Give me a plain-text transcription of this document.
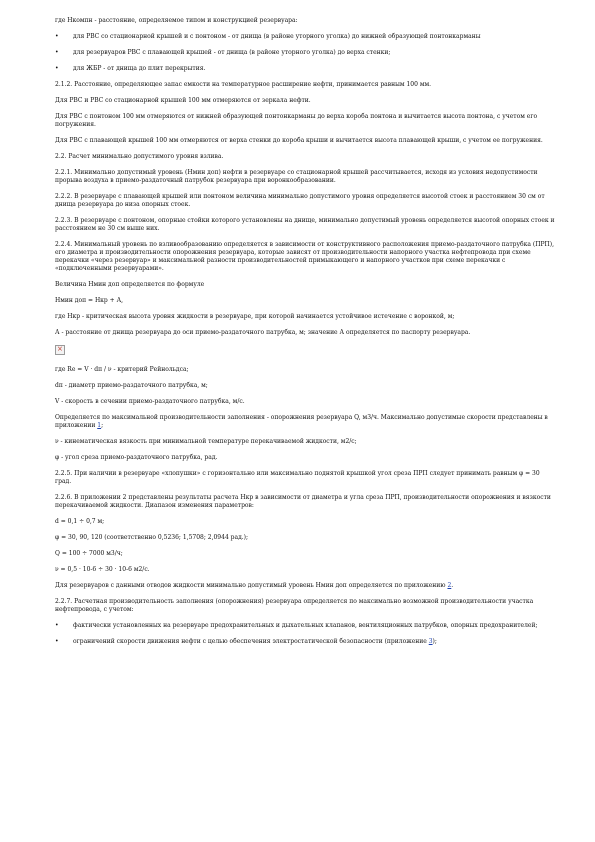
где Нкомпн - расстояние, определяемое типом и конструкцией резервуара:

• для РВС со стационарной крышей и с понтоном - от днища (в районе уторного уголка) до нижней образующей понтонкарманы
• для резервуаров РВС с плавающей крышей - от днища (в районе уторного уголка) до верха стенки;
• для ЖБР - от днища до плит перекрытия.

2.1.2. Расстояние, определяющее запас емкости на температурное расширение нефти, принимается равным 100 мм.

Для РВС и РВС со стационарной крышей 100 мм отмеряются от зеркала нефти.

Для РВС с понтоном 100 мм отмеряются от нижней образующей понтонкарманы до верха короба понтона и вычитается высота понтона, с учетом его погружения.

Для РВС с плавающей крышей 100 мм отмеряются от верха стенки до короба крыши и вычитается высота плавающей крыши, с учетом ее погружения.

2.2. Расчет минимально допустимого уровня взлива.

2.2.1. Минимально допустимый уровень (Нмин доп) нефти в резервуаре со стационарной крышей рассчитывается, исходя из условия недопустимости прорыва воздуха в приемо-раздаточный патрубок резервуара при воронкообразовании.

2.2.2. В резервуаре с плавающей крышей или понтоном величина минимально допустимого уровня определяется высотой стоек и расстоянием 30 см от днища резервуара до низа опорных стоек.

2.2.3. В резервуаре с понтоном, опорные стойки которого установлены на днище, минимально допустимый уровень определяется высотой опорных стоек и расстоянием не 30 см выше них.

2.2.4. Минимальный уровень по взливообразованию определяется в зависимости от конструктивного расположения приемо-раздаточного патрубка (ПРП), его диаметра и производительности опорожнения резервуара, которые зависят от производительности напорного участка нефтепровода при схеме перекачки «через резервуар» и максимальной разности производительностей примыкающего и напорного участков при схеме перекачки с «подключенными резервуарами».

Величина Нмин доп определяется по формуле

Нмин доп = Нкр + А,

где Нкр - критическая высота уровня жидкости в резервуаре, при которой начинается устойчивое истечение с воронкой, м;

А - расстояние от днища резервуара до оси приемо-раздаточного патрубка, м; значение А определяется по паспорту резервуара.

×

где Re = V · dп / ν - критерий Рейнольдса;

dп - диаметр приемо-раздаточного патрубка, м;

V - скорость в сечении приемо-раздаточного патрубка, м/с.

Определяется по максимальной производительности заполнения - опорожнения резервуара Q, м3/ч. Максимально допустимые скорости представлены в приложении 1;

ν - кинематическая вязкость при минимальной температуре перекачиваемой жидкости, м2/с;

φ - угол среза приемо-раздаточного патрубка, рад.

2.2.5. При наличии в резервуаре «хлопушки» с горизонтально или максимально поднятой крышкой угол среза ПРП следует принимать равным φ = 30 град.

2.2.6. В приложении 2 представлены результаты расчета Нкр в зависимости от диаметра и угла среза ПРП, производительности опорожнения и вязкости перекачиваемой жидкости. Диапазон изменения параметров:

d = 0,1 ÷ 0,7 м;

φ = 30, 90, 120 (соответственно 0,5236; 1,5708; 2,0944 рад.);

Q = 100 ÷ 7000 м3/ч;

ν = 0,5 · 10-6 ÷ 30 · 10-6 м2/с.

Для резервуаров с данными отводов жидкости минимально допустимый уровень Нмин доп определяется по приложению 2.

2.2.7. Расчетная производительность заполнения (опорожнения) резервуара определяется по максимально возможной производительности участка нефтепровода, с учетом:

• фактически установленных на резервуаре предохранительных и дыхательных клапанов, вентиляционных патрубков, опорных предохранителей;
• ограничений скорости движения нефти с целью обеспечения электростатической безопасности (приложение 3);
